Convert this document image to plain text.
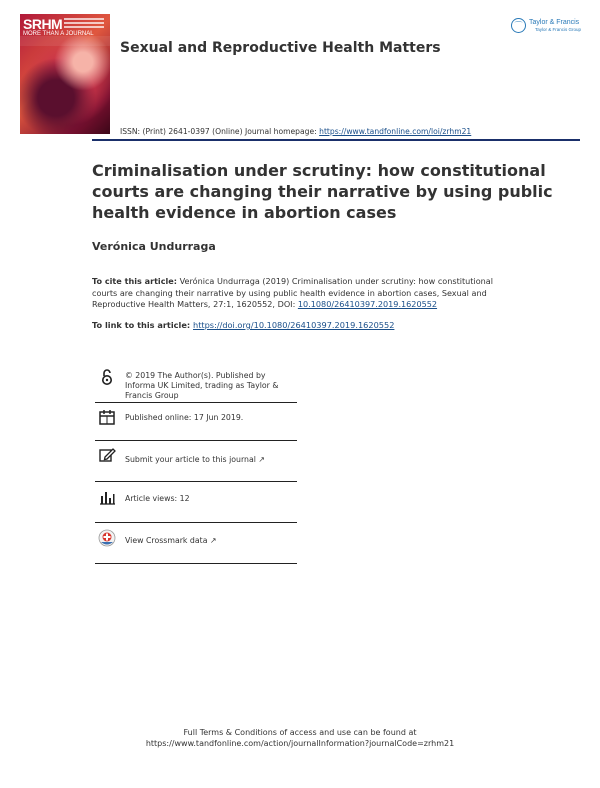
SRHM
MORE THAN A JOURNAL
Sexual and Reproductive Health Matters
⌒ Taylor & Francis
Taylor & Francis Group
ISSN: (Print) 2641-0397 (Online) Journal homepage: https://www.tandfonline.com/loi/zrhm21
Criminalisation under scrutiny: how constitutional courts are changing their narrative by using public health evidence in abortion cases
Verónica Undurraga
To cite this article: Verónica Undurraga (2019) Criminalisation under scrutiny: how constitutional courts are changing their narrative by using public health evidence in abortion cases, Sexual and Reproductive Health Matters, 27:1, 1620552, DOI: 10.1080/26410397.2019.1620552
To link to this article: https://doi.org/10.1080/26410397.2019.1620552
© 2019 The Author(s). Published by Informa UK Limited, trading as Taylor & Francis Group
Published online: 17 Jun 2019.
Submit your article to this journal ↗
Article views: 12
View Crossmark data ↗
Full Terms & Conditions of access and use can be found at
https://www.tandfonline.com/action/journalInformation?journalCode=zrhm21
